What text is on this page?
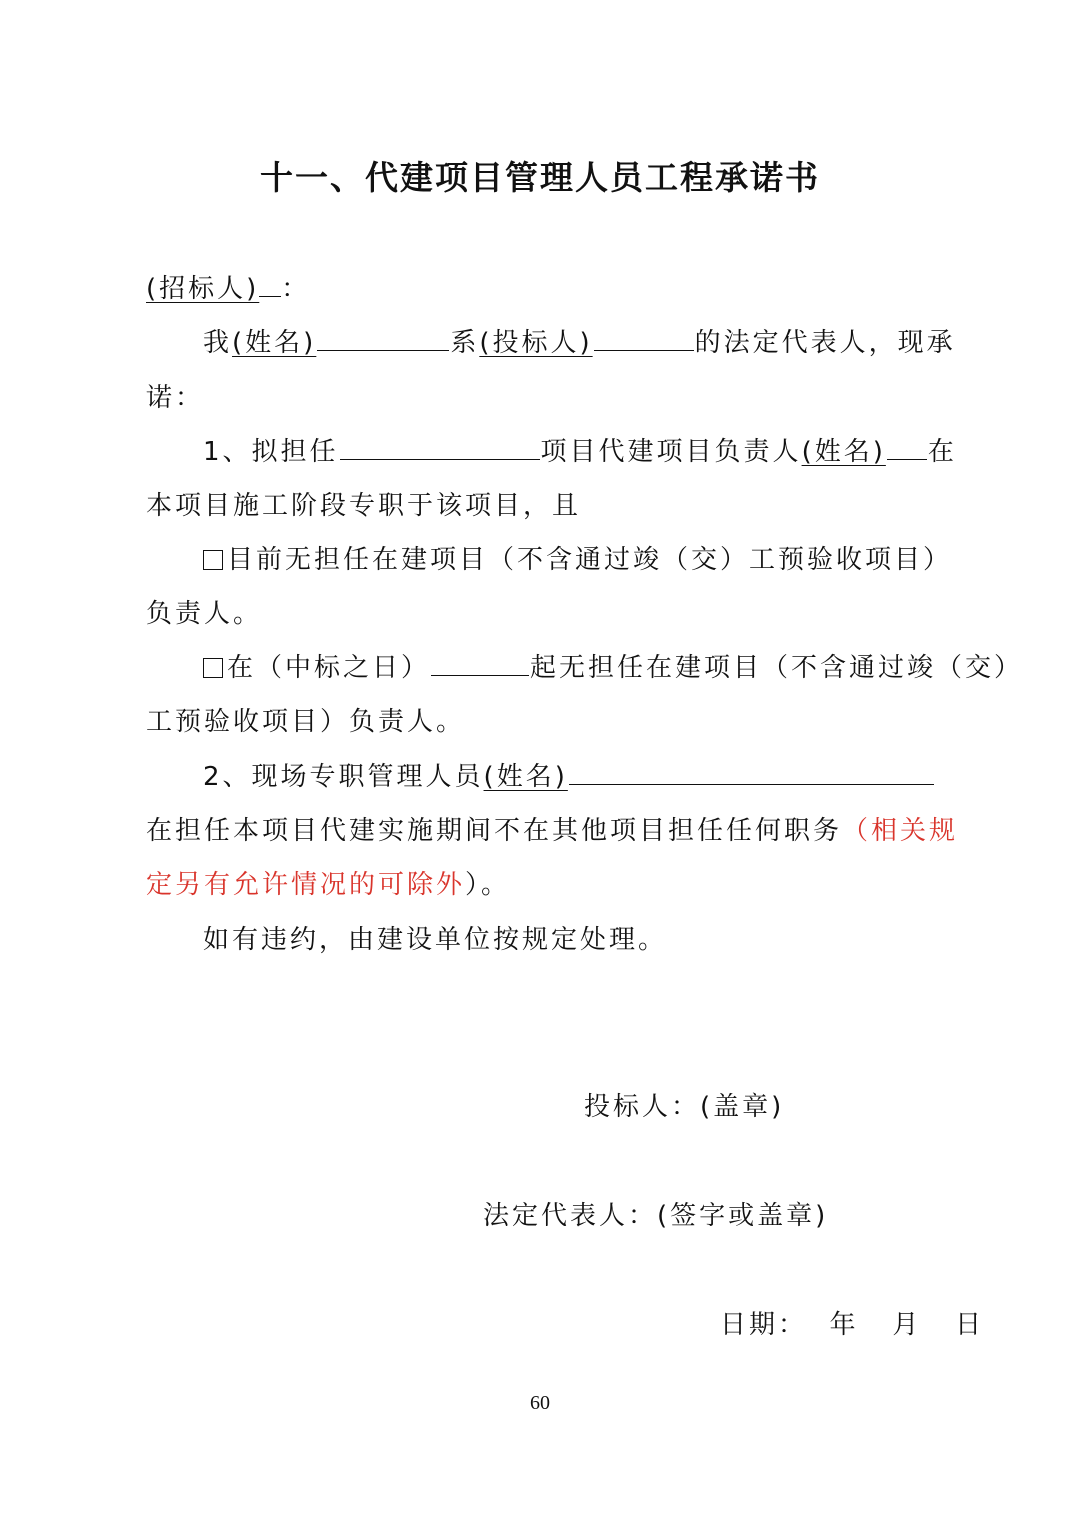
十一、代建项目管理人员工程承诺书
(招标人) ：
我(姓名)	系(投标人)	的法定代表人，现承
诺：
1、拟担任	项目代建项目负责人(姓名) 在
本项目施工阶段专职于该项目，且
目前无担任在建项目（不含通过竣（交）工预验收项目）
负责人。
在（中标之日）	起无担任在建项目（不含通过竣（交）
工预验收项目）负责人。
2、现场专职管理人员(姓名)
在担任本项目代建实施期间不在其他项目担任任何职务（相关规
定另有允许情况的可除外）。
如有违约，由建设单位按规定处理。
投标人：(盖章)
法定代表人：(签字或盖章)
日期：  年   月   日
60
